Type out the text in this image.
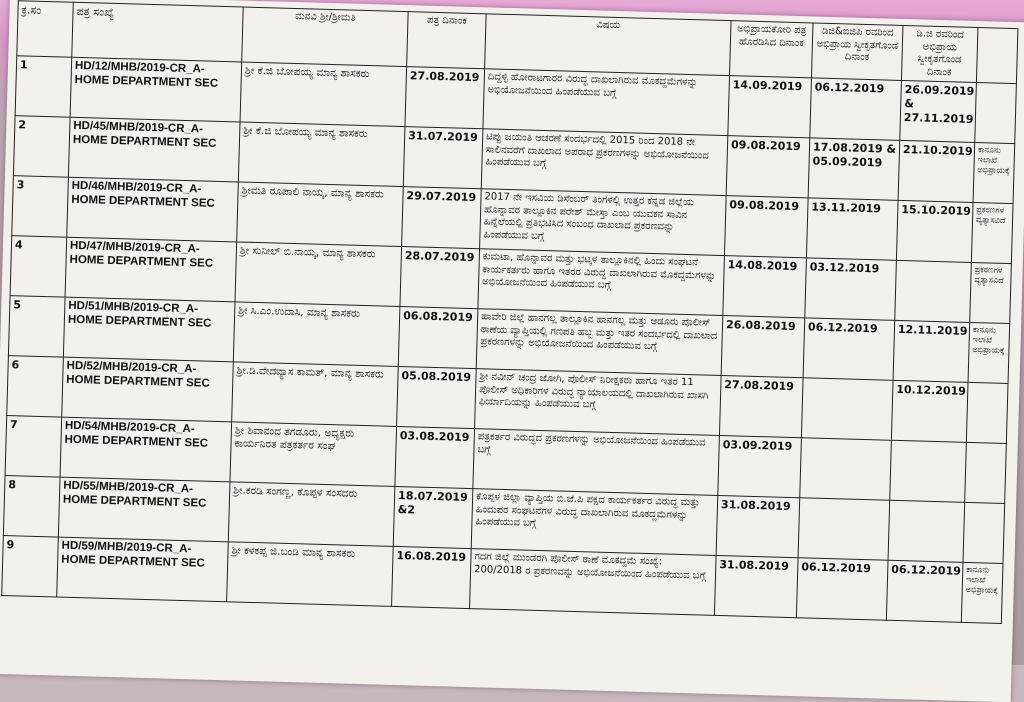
ಕ್ರ.ಸಂ	ಪತ್ರ ಸಂಖ್ಯೆ	ಮನವಿ ಶ್ರೀ/ಶ್ರೀಮತಿ	ಪತ್ರ ದಿನಾಂಕ	ವಿಷಯ	ಅಭಿಪ್ರಾಯಕೋರಿ ಪತ್ರ ಹೊರಡಿಸಿದ ದಿನಾಂಕ	ಡಿಜಿ&ಐಜಿಪಿ ರವರಿಂದ ಅಭಿಪ್ರಾಯ ಸ್ವೀಕೃತಗೊಂಡ ದಿನಾಂಕ	ಡಿ.ಜಿ ರವರಿಂದ ಅಭಿಪ್ರಾಯ ಸ್ವೀಕೃತಗೊಂಡ ದಿನಾಂಕ	
1	HD/12/MHB/2019-CR_A-HOME DEPARTMENT SEC	ಶ್ರೀ ಕೆ.ಜಿ ಬೋಪಯ್ಯ ಮಾನ್ಯ ಶಾಸಕರು	27.08.2019	ದಿದ್ದಳ್ಳಿ ಹೋರಾಟಗಾರರ ವಿರುದ್ಧ ದಾಖಲಾಗಿರುವ ಮೊಕದ್ದಮೆಗಳನ್ನು ಅಭಿಯೋಜನೆಯಿಂದ ಹಿಂಪಡೆಯುವ ಬಗ್ಗೆ	14.09.2019	06.12.2019	26.09.2019 & 27.11.2019	
2	HD/45/MHB/2019-CR_A-HOME DEPARTMENT SEC	ಶ್ರೀ ಕೆ.ಜಿ ಬೋಪಯ್ಯ ಮಾನ್ಯ ಶಾಸಕರು	31.07.2019	ಟಿಪ್ಪು ಜಯಂತಿ ಆಚರಣೆ ಸಂದರ್ಭದಲ್ಲಿ 2015 ರಿಂದ 2018 ನೇ ಸಾಲಿನವರೆಗೆ ದಾಖಲಾದ ಅಪರಾಧ ಪ್ರಕರಣಗಳನ್ನು ಅಭಿಯೋಜನೆಯಿಂದ ಹಿಂಪಡೆಯುವ ಬಗ್ಗೆ	09.08.2019	17.08.2019 & 05.09.2019	21.10.2019	ಕಾನೂನು ಇಲಾಖೆ ಅಭಿಪ್ರಾಯಕ್ಕೆ
3	HD/46/MHB/2019-CR_A-HOME DEPARTMENT SEC	ಶ್ರೀಮತಿ ರೂಪಾಲಿ ನಾಯ್ಕ, ಮಾನ್ಯ ಶಾಸಕರು	29.07.2019	2017 ನೇ ಇಸವಿಯ ಡಿಸೆಂಬರ್ ತಿಂಗಳಲ್ಲಿ ಉತ್ತರ ಕನ್ನಡ ಜಿಲ್ಲೆಯ ಹೊನ್ನಾವರ ತಾಲ್ಲೂಕಿನ ಪರೇಶ್ ಮೇಸ್ತಾ ಎಂಬ ಯುವಕನ ಸಾವಿನ ಹಿನ್ನೆಲೆಯಲ್ಲಿ ಪ್ರತಿಭಟಿಸಿದ ಸಂಬಂಧ ದಾಖಲಾದ ಪ್ರಕರಣವನ್ನು ಹಿಂಪಡೆಯುವ ಬಗ್ಗೆ	09.08.2019	13.11.2019	15.10.2019	ಪ್ರಕರಣಗಳ ವ್ಯತ್ಯಾಸವಿದೆ
4	HD/47/MHB/2019-CR_A-HOME DEPARTMENT SEC	ಶ್ರೀ ಸುನೀಲ್ ಬಿ.ನಾಯ್ಕ, ಮಾನ್ಯ ಶಾಸಕರು	28.07.2019	ಕುಮಟಾ, ಹೊನ್ನಾವರ ಮತ್ತು ಭಟ್ಕಳ ತಾಲ್ಲೂಕಿನಲ್ಲಿ ಹಿಂದು ಸಂಘಟನೆ ಕಾರ್ಯಕರ್ತರು ಹಾಗೂ ಇತರರ ವಿರುದ್ಧ ದಾಖಲಾಗಿರುವ ಮೊಕದ್ದಮೆಗಳನ್ನು ಅಭಿಯೋಜನೆಯಿಂದ ಹಿಂಪಡೆಯುವ ಬಗ್ಗೆ	14.08.2019	03.12.2019		ಪ್ರಕರಣಗಳ ವ್ಯತ್ಯಾಸವಿದೆ
5	HD/51/MHB/2019-CR_A-HOME DEPARTMENT SEC	ಶ್ರೀ ಸಿ.ಎಂ.ಉದಾಸಿ, ಮಾನ್ಯ ಶಾಸಕರು	06.08.2019	ಹಾವೇರಿ ಜಿಲ್ಲೆ ಹಾನಗಲ್ಲ ತಾಲ್ಲೂಕಿನ ಹಾನಗಲ್ಲ ಮತ್ತು ಆಡೂರು ಪೊಲೀಸ್ ಠಾಣೆಯ ವ್ಯಾಪ್ತಿಯಲ್ಲಿ ಗಣಪತಿ ಹಬ್ಬ ಮತ್ತು ಇತರ ಸಂದರ್ಭದಲ್ಲಿ ದಾಖಲಾದ ಪ್ರಕರಣಗಳನ್ನು ಅಭಿಯೋಜನೆಯಿಂದ ಹಿಂಪಡೆಯುವ ಬಗ್ಗೆ	26.08.2019	06.12.2019	12.11.2019	ಕಾನೂನು ಇಲಾಖೆ ಅಭಿಪ್ರಾಯಕ್ಕೆ
6	HD/52/MHB/2019-CR_A-HOME DEPARTMENT SEC	ಶ್ರೀ.ಡಿ.ವೇದವ್ಯಾಸ ಕಾಮತ್, ಮಾನ್ಯ ಶಾಸಕರು	05.08.2019	ಶ್ರೀ ನವೀನ್ ಚಂದ್ರ ಜೋಗಿ, ಪೊಲೀಸ್ ನಿರೀಕ್ಷಕರು ಹಾಗೂ ಇತರ 11 ಪೊಲೀಸ್ ಅಧಿಕಾರಿಗಳ ವಿರುದ್ಧ ನ್ಯಾಯಾಲಯದಲ್ಲಿ ದಾಖಲಾಗಿರುವ ಖಾಸಗಿ ಫಿರ್ಯಾದಿಯನ್ನು ಹಿಂಪಡೆಯುವ ಬಗ್ಗೆ	27.08.2019		10.12.2019	
7	HD/54/MHB/2019-CR_A-HOME DEPARTMENT SEC	ಶ್ರೀ ಶಿವಾನಂದ ತಗಡೂರು, ಅಧ್ಯಕ್ಷರು ಕಾರ್ಯನಿರತ ಪತ್ರಕರ್ತರ ಸಂಘ	03.08.2019	ಪತ್ರಕರ್ತರ ವಿರುದ್ಧದ ಪ್ರಕರಣಗಳನ್ನು ಅಭಿಯೋಜನೆಯಿಂದ ಹಿಂಪಡೆಯುವ ಬಗ್ಗೆ	03.09.2019			
8	HD/55/MHB/2019-CR_A-HOME DEPARTMENT SEC	ಶ್ರೀ.ಕರಡಿ ಸಂಗಣ್ಣ, ಕೊಪ್ಪಳ ಸಂಸದರು	18.07.2019 &2	ಕೊಪ್ಪಳ ಜಿಲ್ಲಾ ವ್ಯಾಪ್ತಿಯ ಬಿ.ಜೆ.ಪಿ ಪಕ್ಷದ ಕಾರ್ಯಕರ್ತರ ವಿರುದ್ಧ ಮತ್ತು ಹಿಂದುಪರ ಸಂಘಟನೆಗಳ ವಿರುದ್ಧ ದಾಖಲಾಗಿರುವ ಮೊಕದ್ದಮೆಗಳನ್ನು ಹಿಂಪಡೆಯುವ ಬಗ್ಗೆ	31.08.2019			
9	HD/59/MHB/2019-CR_A-HOME DEPARTMENT SEC	ಶ್ರೀ ಕಳಕಪ್ಪ ಜಿ.ಬಂಡಿ ಮಾನ್ಯ ಶಾಸಕರು	16.08.2019	ಗದಗ ಜಿಲ್ಲೆ ಮುಂಡರಗಿ ಪೊಲೀಸ್ ಠಾಣೆ ಮೊಕದ್ದಮೆ ಸಂಖ್ಯೆ: 200/2018 ರ ಪ್ರಕರಣವನ್ನು ಅಭಿಯೋಜನೆಯಿಂದ ಹಿಂಪಡೆಯುವ ಬಗ್ಗೆ	31.08.2019	06.12.2019	06.12.2019	ಕಾನೂನು ಇಲಾಖೆ ಅಭಿಪ್ರಾಯಕ್ಕೆ
